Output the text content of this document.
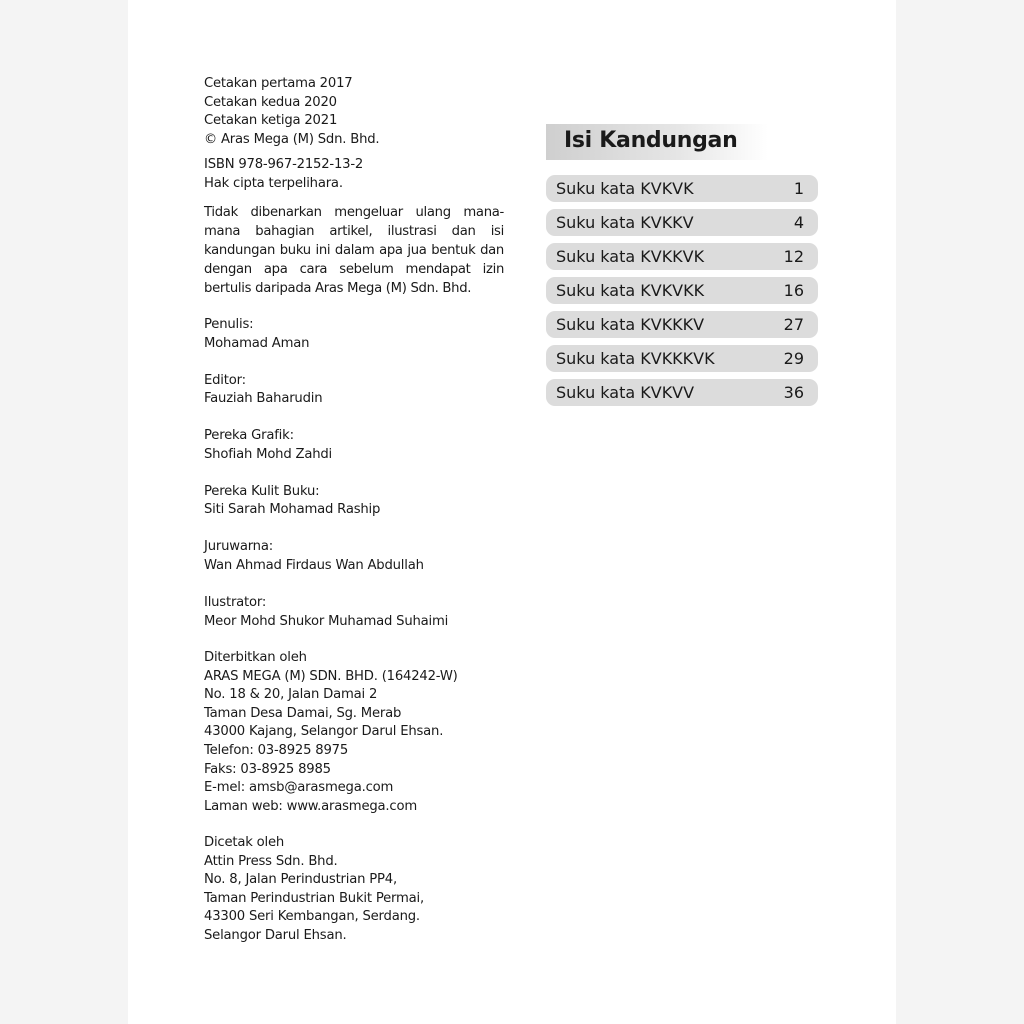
Cetakan pertama 2017
Cetakan kedua 2020
Cetakan ketiga 2021
© Aras Mega (M) Sdn. Bhd.
ISBN 978-967-2152-13-2
Hak cipta terpelihara.
Tidak dibenarkan mengeluar ulang mana-mana bahagian artikel, ilustrasi dan isi kandungan buku ini dalam apa jua bentuk dan dengan apa cara sebelum mendapat izin bertulis daripada Aras Mega (M) Sdn. Bhd.
Penulis:
Mohamad Aman
Editor:
Fauziah Baharudin
Pereka Grafik:
Shofiah Mohd Zahdi
Pereka Kulit Buku:
Siti Sarah Mohamad Raship
Juruwarna:
Wan Ahmad Firdaus Wan Abdullah
Ilustrator:
Meor Mohd Shukor Muhamad Suhaimi
Diterbitkan oleh
ARAS MEGA (M) SDN. BHD. (164242-W)
No. 18 & 20, Jalan Damai 2
Taman Desa Damai, Sg. Merab
43000 Kajang, Selangor Darul Ehsan.
Telefon: 03-8925 8975
Faks: 03-8925 8985
E-mel: amsb@arasmega.com
Laman web: www.arasmega.com
Dicetak oleh
Attin Press Sdn. Bhd.
No. 8, Jalan Perindustrian PP4,
Taman Perindustrian Bukit Permai,
43300 Seri Kembangan, Serdang.
Selangor Darul Ehsan.
Isi Kandungan
Suku kata KVKVK	1
Suku kata KVKKV	4
Suku kata KVKKVK	12
Suku kata KVKVKK	16
Suku kata KVKKKV	27
Suku kata KVKKKVK	29
Suku kata KVKVV	36
